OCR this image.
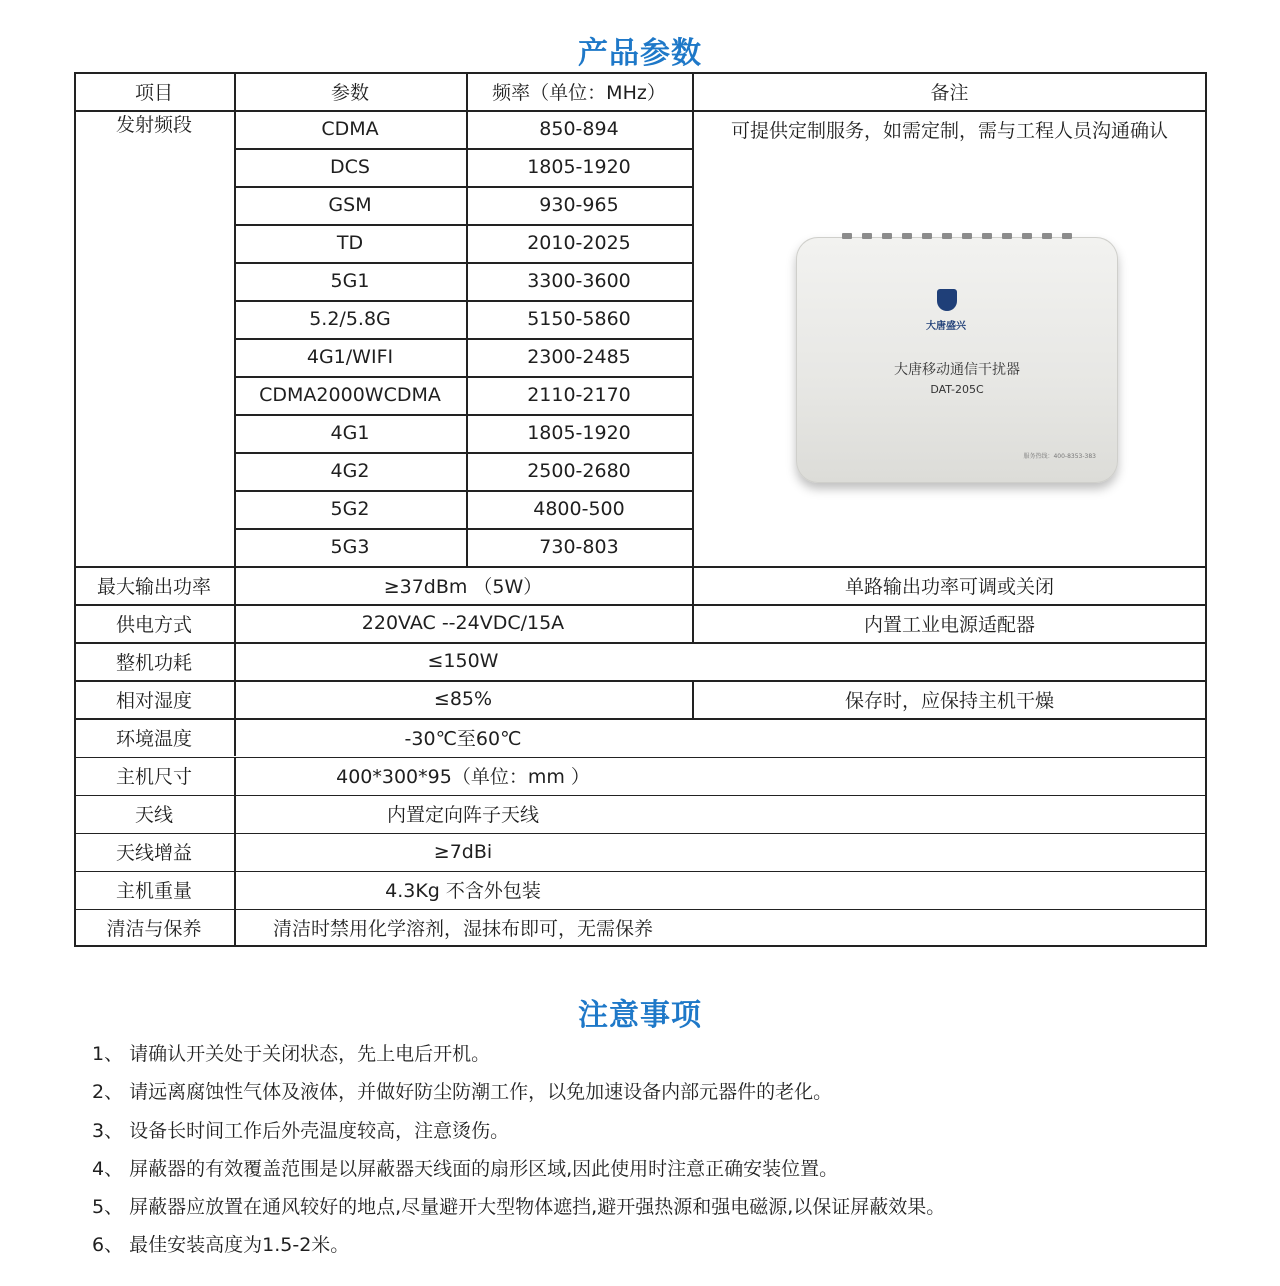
产品参数
项目	参数	频率（单位：MHz）	备注
发射频段	可提供定制服务，如需定制，需与工程人员沟通确认
CDMA	850-894
DCS	1805-1920
GSM	930-965
TD	2010-2025
5G1	3300-3600
5.2/5.8G	5150-5860
4G1/WIFI	2300-2485
CDMA2000WCDMA	2110-2170
4G1	1805-1920
4G2	2500-2680
5G2	4800-500
5G3	730-803
最大输出功率	≥37dBm （5W）	单路输出功率可调或关闭
供电方式	220VAC --24VDC/15A	内置工业电源适配器
整机功耗	≤150W
相对湿度	≤85%	保存时，应保持主机干燥
环境温度	-30℃至60℃
主机尺寸	400*300*95（单位：mm ）
天线	内置定向阵子天线
天线增益	≥7dBi
主机重量	4.3Kg 不含外包装
清洁与保养	清洁时禁用化学溶剂，湿抹布即可，无需保养
大唐盛兴
大唐移动通信干扰器
DAT-205C
服务热线：400-8353-383
注意事项
1、 请确认开关处于关闭状态，先上电后开机。
2、 请远离腐蚀性气体及液体，并做好防尘防潮工作，以免加速设备内部元器件的老化。
3、 设备长时间工作后外壳温度较高，注意烫伤。
4、 屏蔽器的有效覆盖范围是以屏蔽器天线面的扇形区域,因此使用时注意正确安装位置。
5、 屏蔽器应放置在通风较好的地点,尽量避开大型物体遮挡,避开强热源和强电磁源,以保证屏蔽效果。
6、 最佳安装高度为1.5-2米。
